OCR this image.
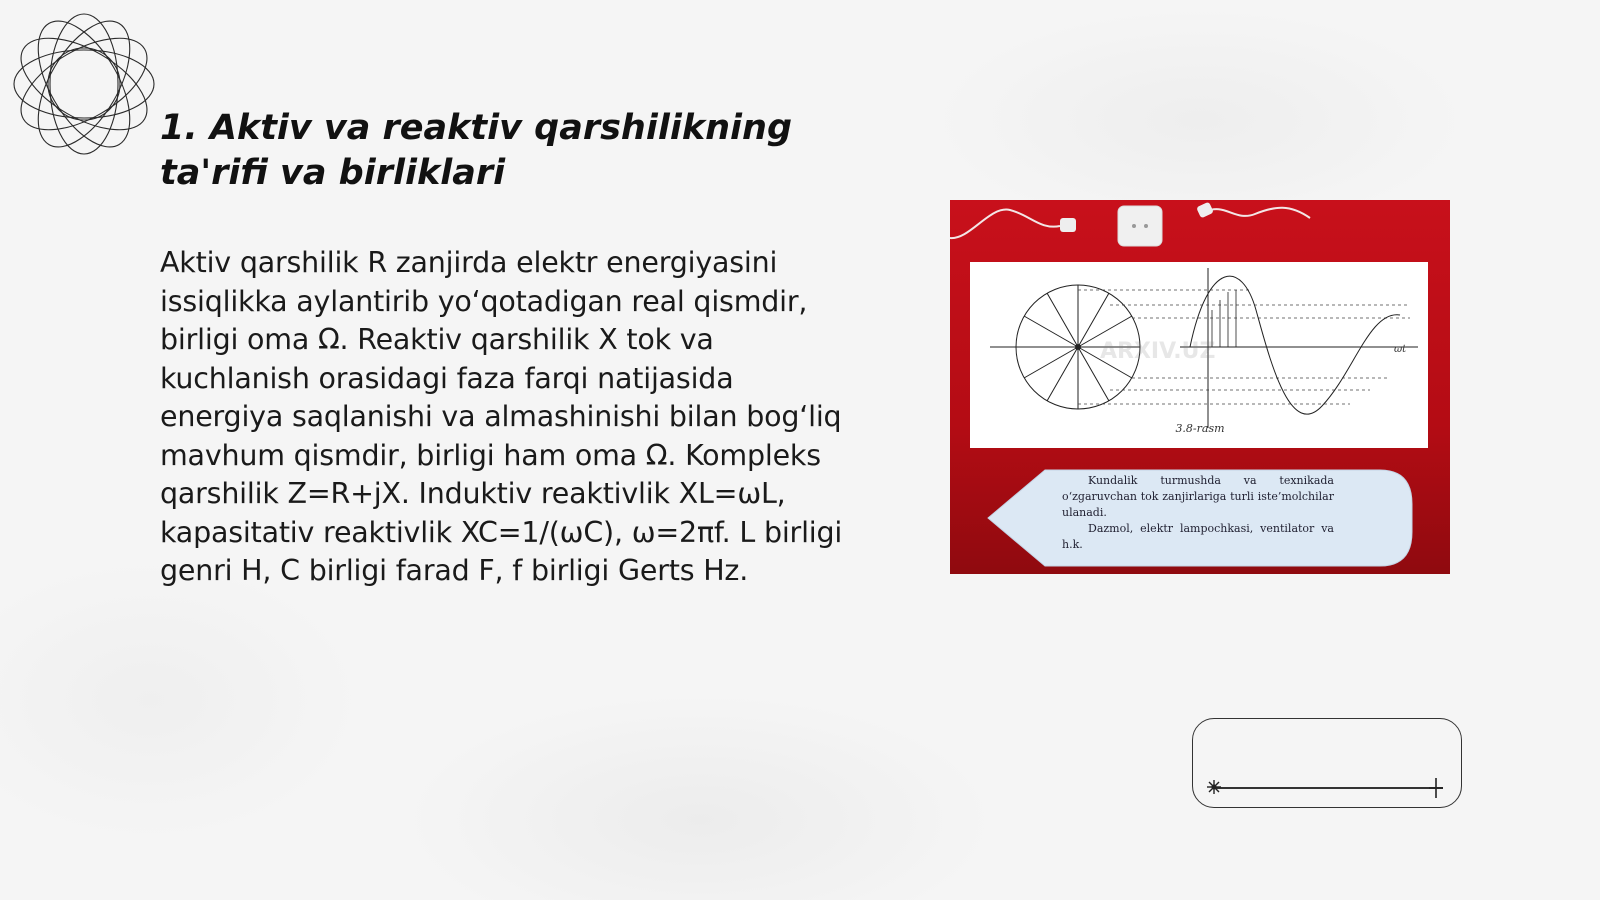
1. Aktiv va reaktiv qarshilikning ta'rifi va birliklari

Aktiv qarshilik R zanjirda elektr energiyasini issiqlikka aylantirib yo‘qotadigan real qismdir, birligi oma Ω. Reaktiv qarshilik X tok va kuchlanish orasidagi faza farqi natijasida energiya saqlanishi va almashinishi bilan bog‘liq mavhum qismdir, birligi ham oma Ω. Kompleks qarshilik Z=R+jX. Induktiv reaktivlik XL=ωL, kapasitativ reaktivlik XC=1/(ωC), ω=2πf. L birligi genri H, C birligi farad F, f birligi Gerts Hz.

ωt
ARXIV.UZ
3.8-rasm

Kundalik turmushda va texnikada o‘zgaruvchan tok zanjirlariga turli iste’molchilar ulanadi.

Dazmol, elektr lampochkasi, ventilator va h.k.
